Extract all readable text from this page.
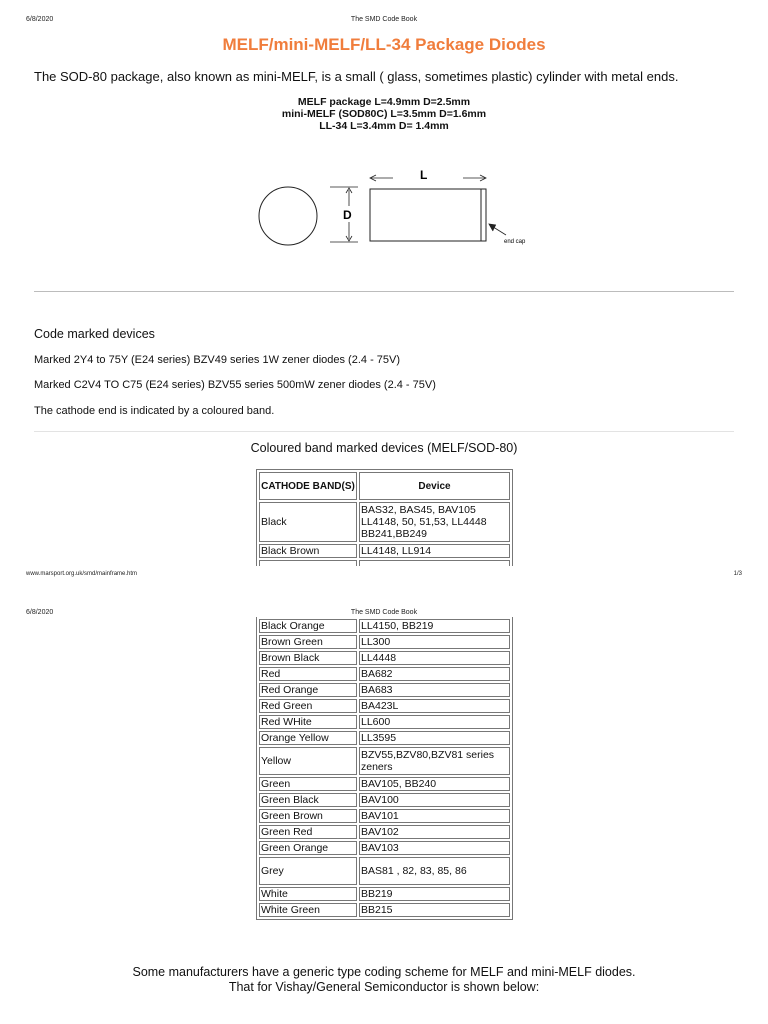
6/8/2020	The SMD Code Book
MELF/mini-MELF/LL-34 Package Diodes
The SOD-80 package, also known as mini-MELF, is a small ( glass, sometimes plastic) cylinder with metal ends.
MELF package L=4.9mm D=2.5mm
mini-MELF (SOD80C) L=3.5mm D=1.6mm
LL-34 L=3.4mm D= 1.4mm
D
L
end cap
Code marked devices
Marked 2Y4 to 75Y (E24 series) BZV49 series 1W zener diodes (2.4 - 75V)
Marked C2V4 TO C75 (E24 series) BZV55 series 500mW zener diodes (2.4 - 75V)
The cathode end is indicated by a coloured band.
Coloured band marked devices (MELF/SOD-80)
CATHODE BAND(S)	Device
Black	BAS32, BAS45, BAV105 LL4148, 50, 51,53, LL4448 BB241,BB249
Black Brown	LL4148, LL914

www.marsport.org.uk/smd/mainframe.htm	1/3
6/8/2020	The SMD Code Book
Black Orange	LL4150, BB219
Brown Green	LL300
Brown Black	LL4448
Red	BA682
Red Orange	BA683
Red Green	BA423L
Red WHite	LL600
Orange Yellow	LL3595
Yellow	BZV55,BZV80,BZV81 series zeners
Green	BAV105, BB240
Green Black	BAV100
Green Brown	BAV101
Green Red	BAV102
Green Orange	BAV103
Grey	BAS81 , 82, 83, 85, 86
White	BB219
White Green	BB215
Some manufacturers have a generic type coding scheme for MELF and mini-MELF diodes.
That for Vishay/General Semiconductor is shown below:
